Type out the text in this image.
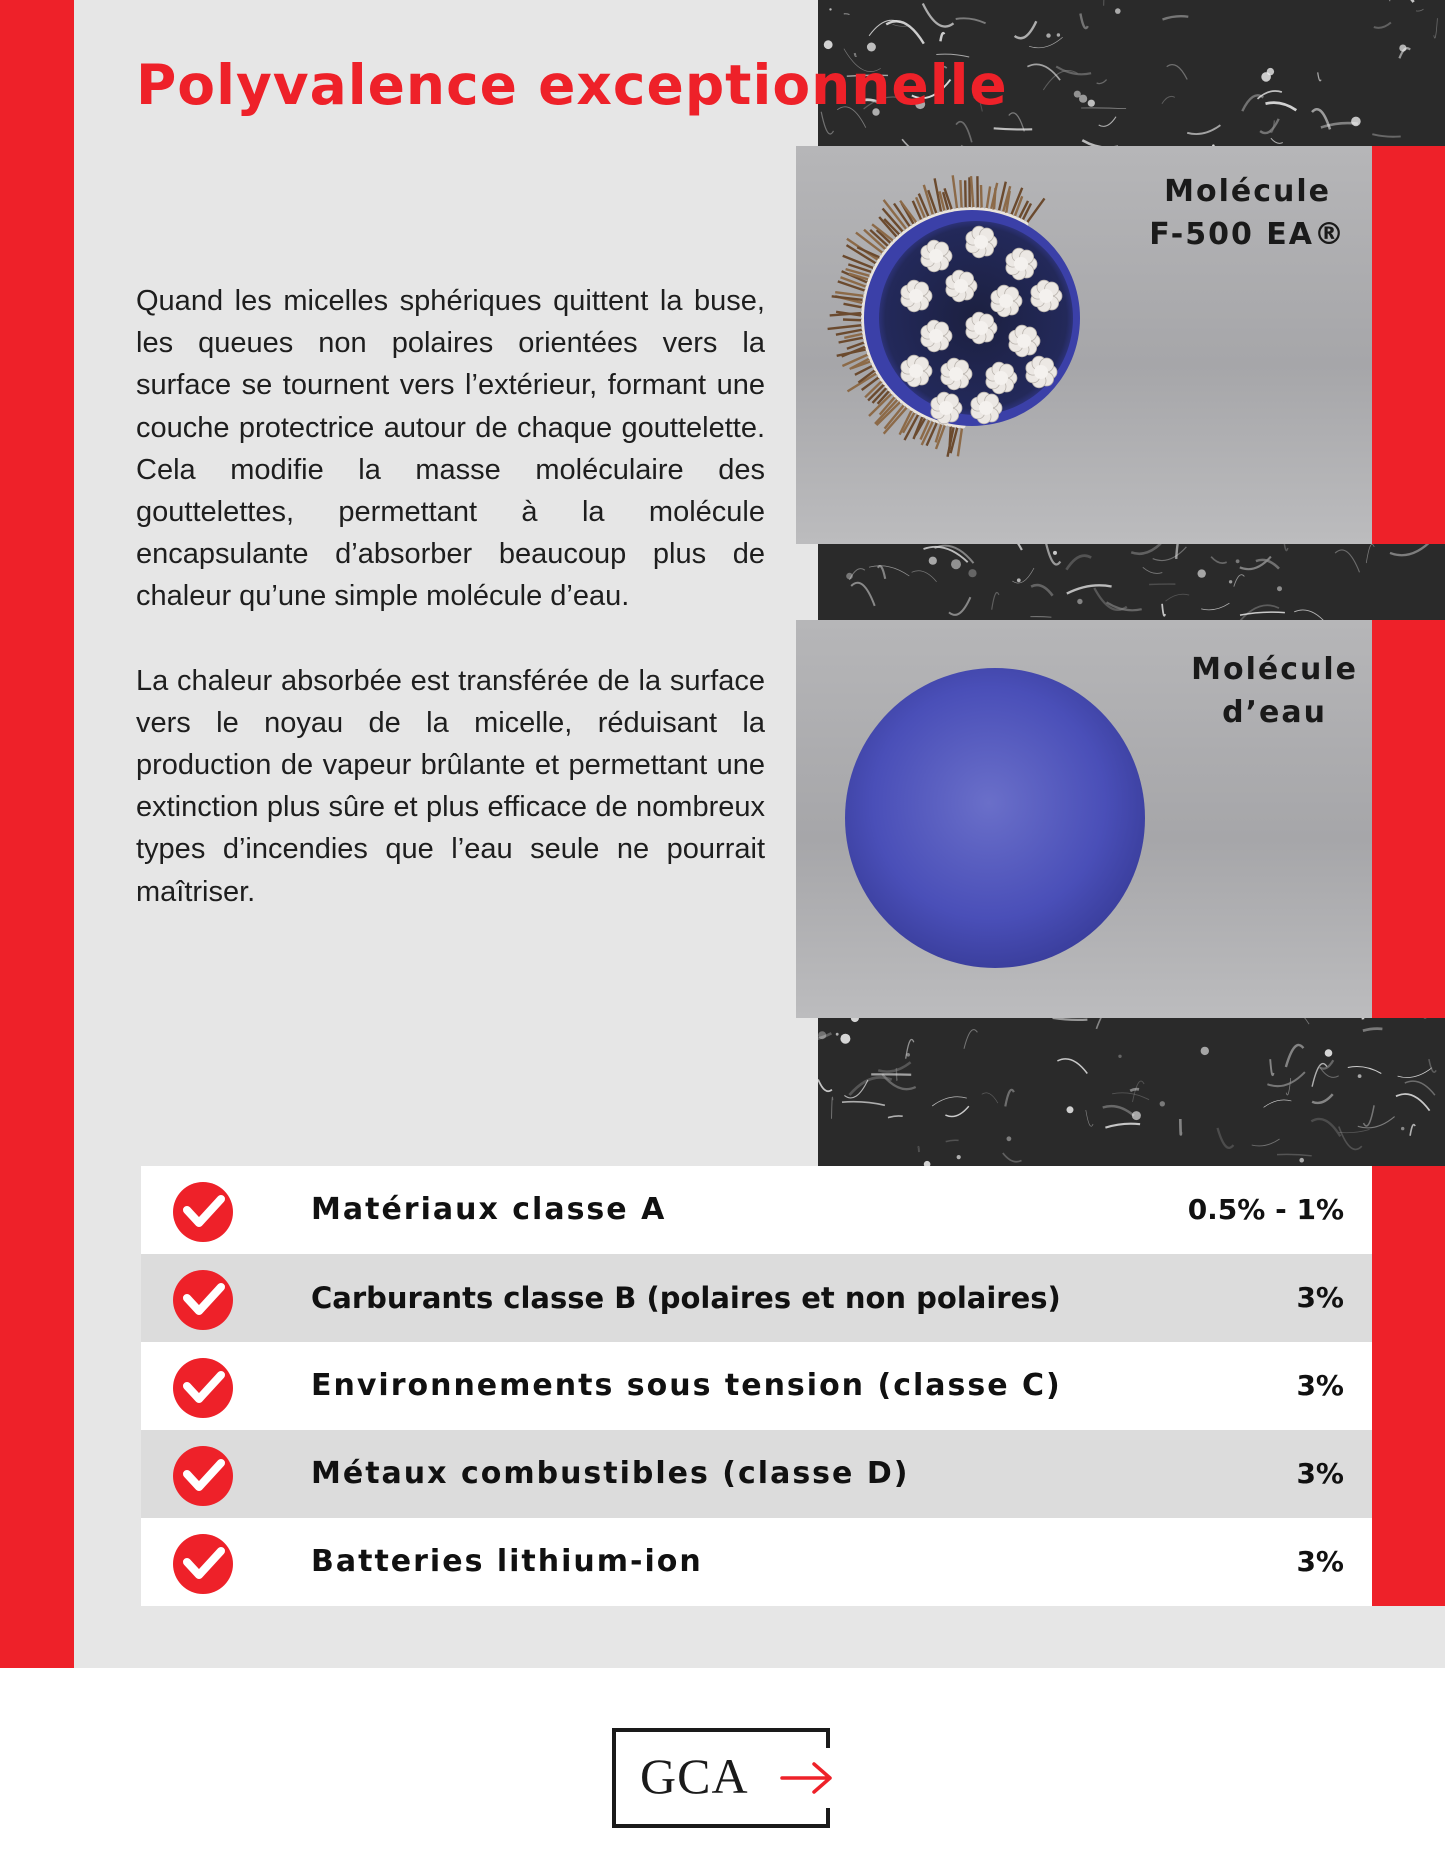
Polyvalence exceptionnelle

Quand les micelles sphériques quittent la buse, les queues non polaires orientées vers la surface se tournent vers l’extérieur, formant une couche protectrice autour de chaque gouttelette. Cela modifie la masse moléculaire des gouttelettes, permettant à la molécule encapsulante d’absorber beaucoup plus de chaleur qu’une simple molécule d’eau.

La chaleur absorbée est transférée de la surface vers le noyau de la micelle, réduisant la production de vapeur brûlante et permettant une extinction plus sûre et plus efficace de nombreux types d’incendies que l’eau seule ne pourrait maîtriser.

Molécule
F-500 EA®
Molécule
d’eau
Matériaux classe A	0.5% - 1%
Carburants classe B (polaires et non polaires)	3%
Environnements sous tension (classe C)	3%
Métaux combustibles (classe D)	3%
Batteries lithium-ion	3%
GCA
